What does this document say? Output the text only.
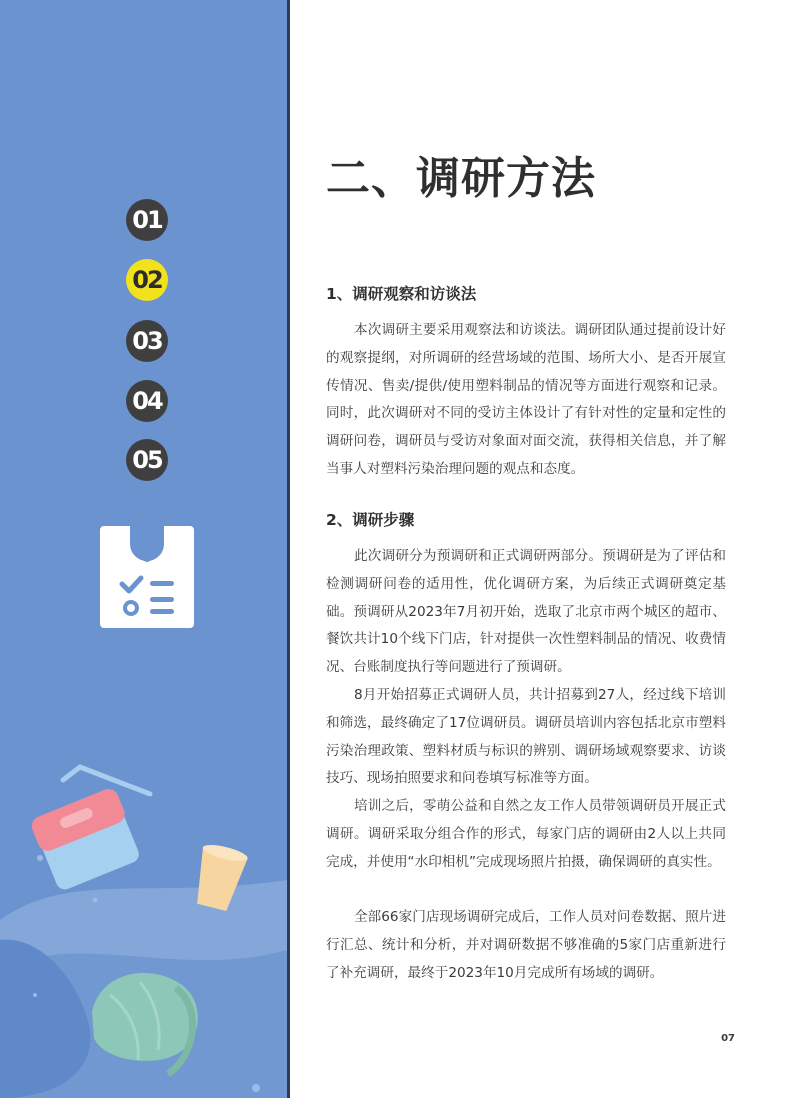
01
02
03
04
05
二、调研方法
1、调研观察和访谈法

本次调研主要采用观察法和访谈法。调研团队通过提前设计好的观察提纲，对所调研的经营场域的范围、场所大小、是否开展宣传情况、售卖/提供/使用塑料制品的情况等方面进行观察和记录。同时，此次调研对不同的受访主体设计了有针对性的定量和定性的调研问卷，调研员与受访对象面对面交流，获得相关信息，并了解当事人对塑料污染治理问题的观点和态度。

2、调研步骤

此次调研分为预调研和正式调研两部分。预调研是为了评估和检测调研问卷的适用性，优化调研方案，为后续正式调研奠定基础。预调研从2023年7月初开始，选取了北京市两个城区的超市、餐饮共计10个线下门店，针对提供一次性塑料制品的情况、收费情况、台账制度执行等问题进行了预调研。

8月开始招募正式调研人员，共计招募到27人，经过线下培训和筛选，最终确定了17位调研员。调研员培训内容包括北京市塑料污染治理政策、塑料材质与标识的辨别、调研场域观察要求、访谈技巧、现场拍照要求和问卷填写标准等方面。

培训之后，零萌公益和自然之友工作人员带领调研员开展正式调研。调研采取分组合作的形式，每家门店的调研由2人以上共同完成，并使用“水印相机”完成现场照片拍摄，确保调研的真实性。

全部66家门店现场调研完成后，工作人员对问卷数据、照片进行汇总、统计和分析，并对调研数据不够准确的5家门店重新进行了补充调研，最终于2023年10月完成所有场域的调研。

07
